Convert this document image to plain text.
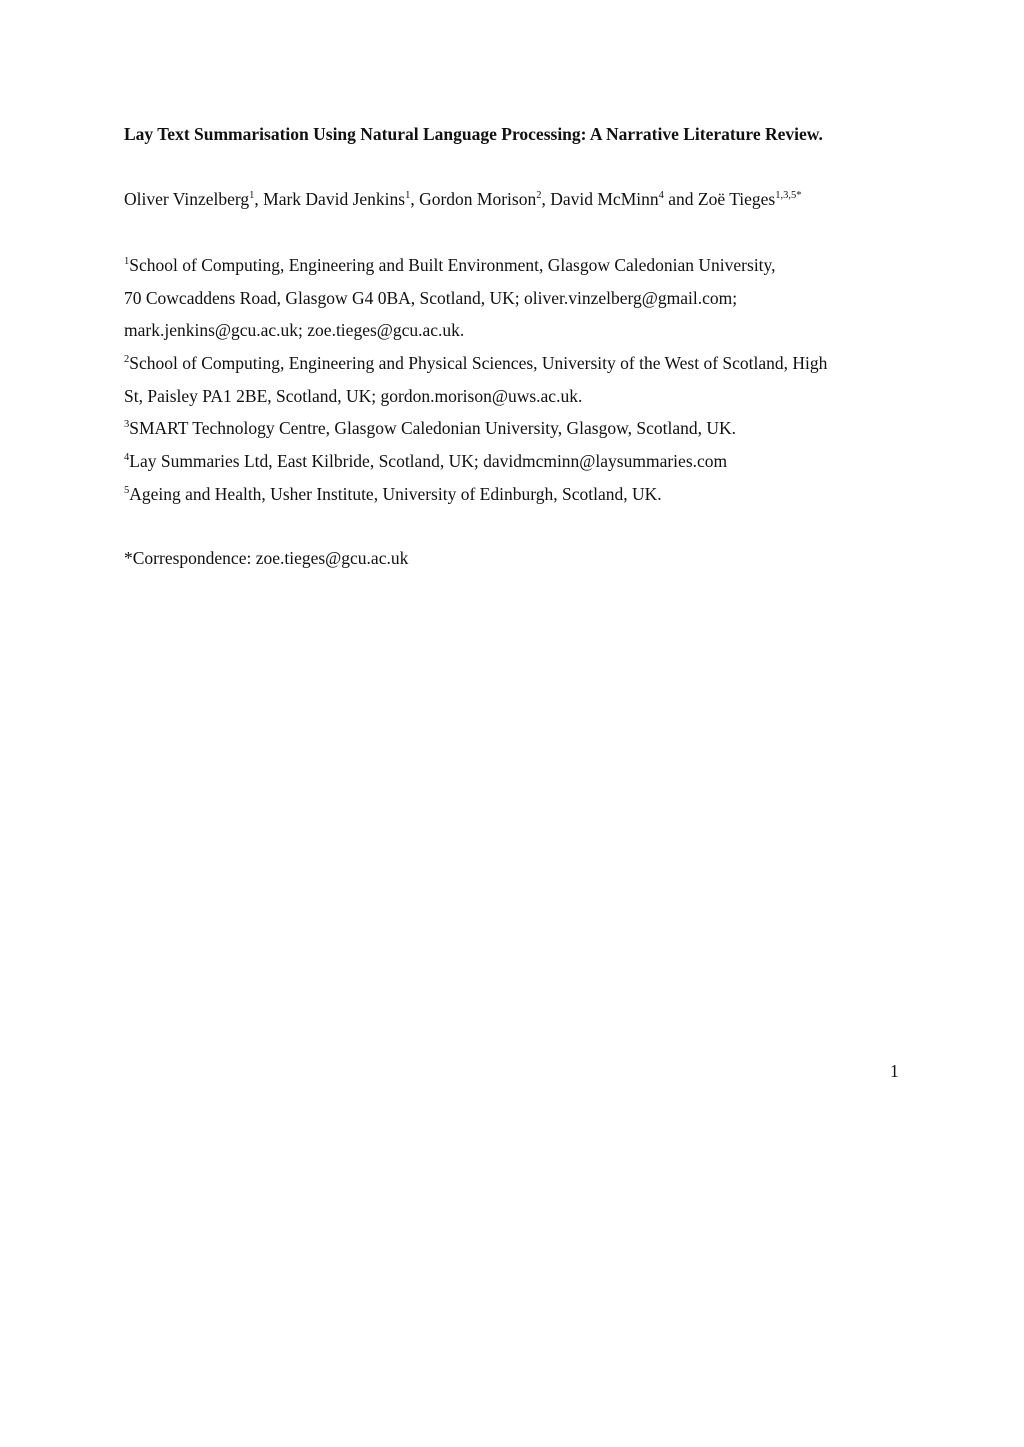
Lay Text Summarisation Using Natural Language Processing: A Narrative Literature Review.
Oliver Vinzelberg$^1$, Mark David Jenkins$^1$, Gordon Morison$^2$, David McMinn$^4$ and Zoë Tieges$^{1,3,5*}$
$^1$School of Computing, Engineering and Built Environment, Glasgow Caledonian University,
70 Cowcaddens Road, Glasgow G4 0BA, Scotland, UK; oliver.vinzelberg@gmail.com;
mark.jenkins@gcu.ac.uk; zoe.tieges@gcu.ac.uk.
$^2$School of Computing, Engineering and Physical Sciences, University of the West of Scotland, High
St, Paisley PA1 2BE, Scotland, UK; gordon.morison@uws.ac.uk.
$^3$SMART Technology Centre, Glasgow Caledonian University, Glasgow, Scotland, UK.
$^4$Lay Summaries Ltd, East Kilbride, Scotland, UK; davidmcminn@laysummaries.com
$^5$Ageing and Health, Usher Institute, University of Edinburgh, Scotland, UK.
*Correspondence: zoe.tieges@gcu.ac.uk
1
